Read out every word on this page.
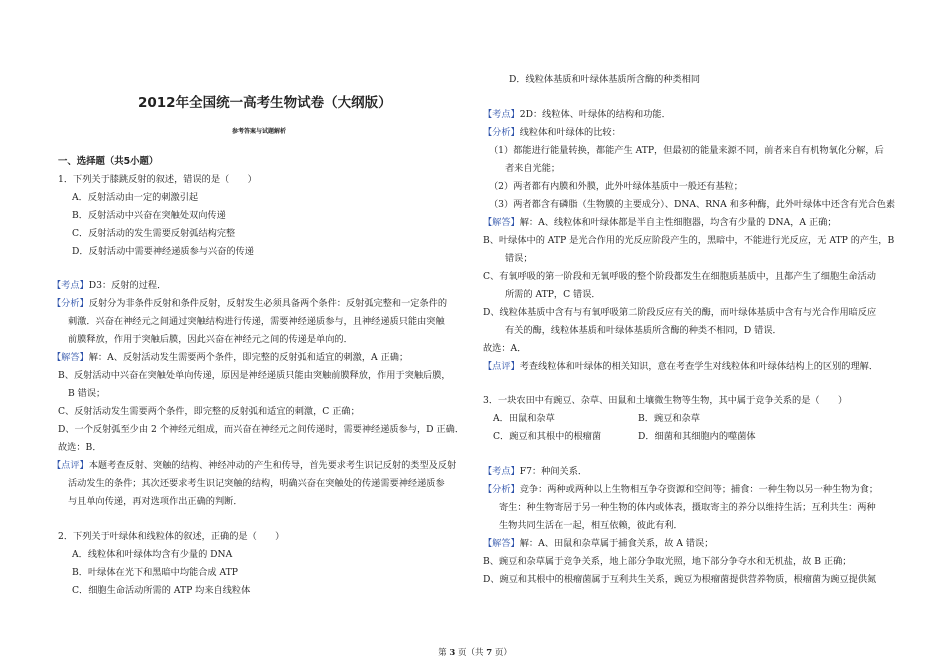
2012年全国统一高考生物试卷（大纲版）
参考答案与试题解析
一、选择题（共5小题）
1．下列关于膝跳反射的叙述，错误的是（　　）
A．反射活动由一定的刺激引起
B．反射活动中兴奋在突触处双向传递
C．反射活动的发生需要反射弧结构完整
D．反射活动中需要神经递质参与兴奋的传递
【考点】D3：反射的过程．
【分析】反射分为非条件反射和条件反射，反射发生必须具备两个条件：反射弧完整和一定条件的
刺激．兴奋在神经元之间通过突触结构进行传递，需要神经递质参与，且神经递质只能由突触
前膜释放，作用于突触后膜，因此兴奋在神经元之间的传递是单向的．
【解答】解：A、反射活动发生需要两个条件，即完整的反射弧和适宜的刺激，A 正确；
B、反射活动中兴奋在突触处单向传递，原因是神经递质只能由突触前膜释放，作用于突触后膜，
B 错误；
C、反射活动发生需要两个条件，即完整的反射弧和适宜的刺激，C 正确；
D、一个反射弧至少由 2 个神经元组成，而兴奋在神经元之间传递时，需要神经递质参与，D 正确．
故选：B．
【点评】本题考查反射、突触的结构、神经冲动的产生和传导，首先要求考生识记反射的类型及反射
活动发生的条件；其次还要求考生识记突触的结构，明确兴奋在突触处的传递需要神经递质参
与且单向传递，再对选项作出正确的判断．
2．下列关于叶绿体和线粒体的叙述，正确的是（　　）
A．线粒体和叶绿体均含有少量的 DNA
B．叶绿体在光下和黑暗中均能合成 ATP
C．细胞生命活动所需的 ATP 均来自线粒体
D．线粒体基质和叶绿体基质所含酶的种类相同
【考点】2D：线粒体、叶绿体的结构和功能．
【分析】线粒体和叶绿体的比较：
（1）都能进行能量转换，都能产生 ATP，但最初的能量来源不同，前者来自有机物氧化分解，后
者来自光能；
（2）两者都有内膜和外膜，此外叶绿体基质中一般还有基粒；
（3）两者都含有磷脂（生物膜的主要成分）、DNA、RNA 和多种酶，此外叶绿体中还含有光合色素
【解答】解：A、线粒体和叶绿体都是半自主性细胞器，均含有少量的 DNA，A 正确；
B、叶绿体中的 ATP 是光合作用的光反应阶段产生的，黑暗中，不能进行光反应，无 ATP 的产生，B
错误；
C、有氧呼吸的第一阶段和无氧呼吸的整个阶段都发生在细胞质基质中，且都产生了细胞生命活动
所需的 ATP，C 错误．
D、线粒体基质中含有与有氧呼吸第二阶段反应有关的酶，而叶绿体基质中含有与光合作用暗反应
有关的酶，线粒体基质和叶绿体基质所含酶的种类不相同，D 错误．
故选：A．
【点评】考查线粒体和叶绿体的相关知识，意在考查学生对线粒体和叶绿体结构上的区别的理解．
3．一块农田中有豌豆、杂草、田鼠和土壤微生物等生物，其中属于竞争关系的是（　　）
A．田鼠和杂草	B．豌豆和杂草
C．豌豆和其根中的根瘤菌	D．细菌和其细胞内的噬菌体
【考点】F7：种间关系．
【分析】竞争：两种或两种以上生物相互争夺资源和空间等；捕食：一种生物以另一种生物为食；
寄生：种生物寄居于另一种生物的体内或体表，摄取寄主的养分以维持生活；互利共生：两种
生物共同生活在一起，相互依赖，彼此有利．
【解答】解：A、田鼠和杂草属于捕食关系，故 A 错误；
B、豌豆和杂草属于竞争关系，地上部分争取光照，地下部分争夺水和无机盐，故 B 正确；
D、豌豆和其根中的根瘤菌属于互利共生关系，豌豆为根瘤菌提供营养物质，根瘤菌为豌豆提供氮
第 3 页（共 7 页）
